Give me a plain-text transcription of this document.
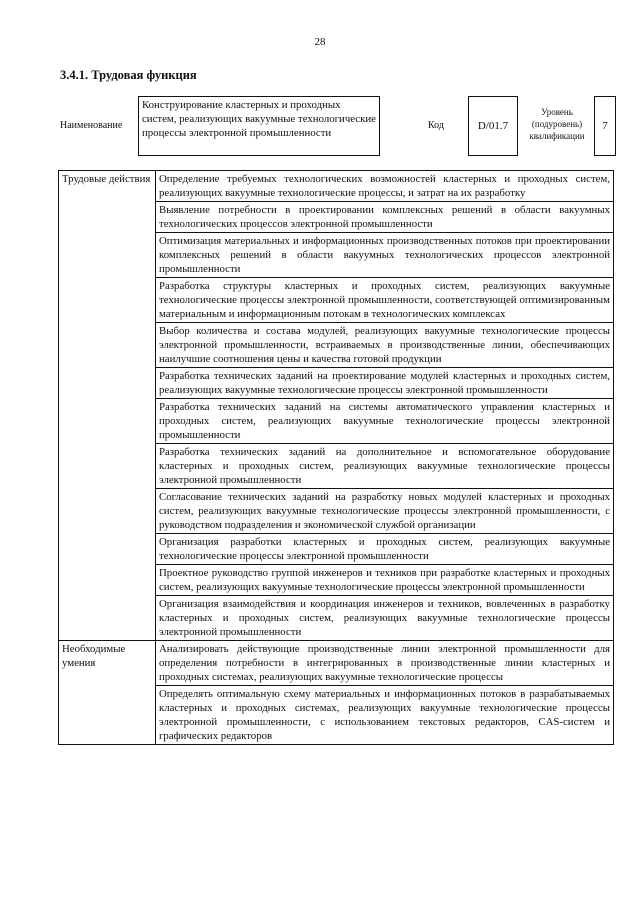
28
3.4.1. Трудовая функция
Наименование
Конструирование кластерных и проходных систем, реализующих вакуумные технологические процессы электронной промышленности
Код	D/01.7
Уровень (подуровень) квалификации
7
Трудовые действия	Определение требуемых технологических возможностей кластерных и проходных систем, реализующих вакуумные технологические процессы, и затрат на их разработку
	Выявление потребности в проектировании комплексных решений в области вакуумных технологических процессов электронной промышленности
	Оптимизация материальных и информационных производственных потоков при проектировании комплексных решений в области вакуумных технологических процессов электронной промышленности
	Разработка структуры кластерных и проходных систем, реализующих вакуумные технологические процессы электронной промышленности, соответствующей оптимизированным материальным и информационным потокам в технологических комплексах
	Выбор количества и состава модулей, реализующих вакуумные технологические процессы электронной промышленности, встраиваемых в производственные линии, обеспечивающих наилучшие соотношения цены и качества готовой продукции
	Разработка технических заданий на проектирование модулей кластерных и проходных систем, реализующих вакуумные технологические процессы электронной промышленности
	Разработка технических заданий на системы автоматического управления кластерных и проходных систем, реализующих вакуумные технологические процессы электронной промышленности
	Разработка технических заданий на дополнительное и вспомогательное оборудование кластерных и проходных систем, реализующих вакуумные технологические процессы электронной промышленности
	Согласование технических заданий на разработку новых модулей кластерных и проходных систем, реализующих вакуумные технологические процессы электронной промышленности, с руководством подразделения и экономической службой организации
	Организация разработки кластерных и проходных систем, реализующих вакуумные технологические процессы электронной промышленности
	Проектное руководство группой инженеров и техников при разработке кластерных и проходных систем, реализующих вакуумные технологические процессы электронной промышленности
	Организация взаимодействия и координация инженеров и техников, вовлеченных в разработку кластерных и проходных систем, реализующих вакуумные технологические процессы электронной промышленности
Необходимые умения	Анализировать действующие производственные линии электронной промышленности для определения потребности в интегрированных в производственные линии кластерных и проходных системах, реализующих вакуумные технологические процессы
	Определять оптимальную схему материальных и информационных потоков в разрабатываемых кластерных и проходных системах, реализующих вакуумные технологические процессы электронной промышленности, с использованием текстовых редакторов, CAS-систем и графических редакторов
